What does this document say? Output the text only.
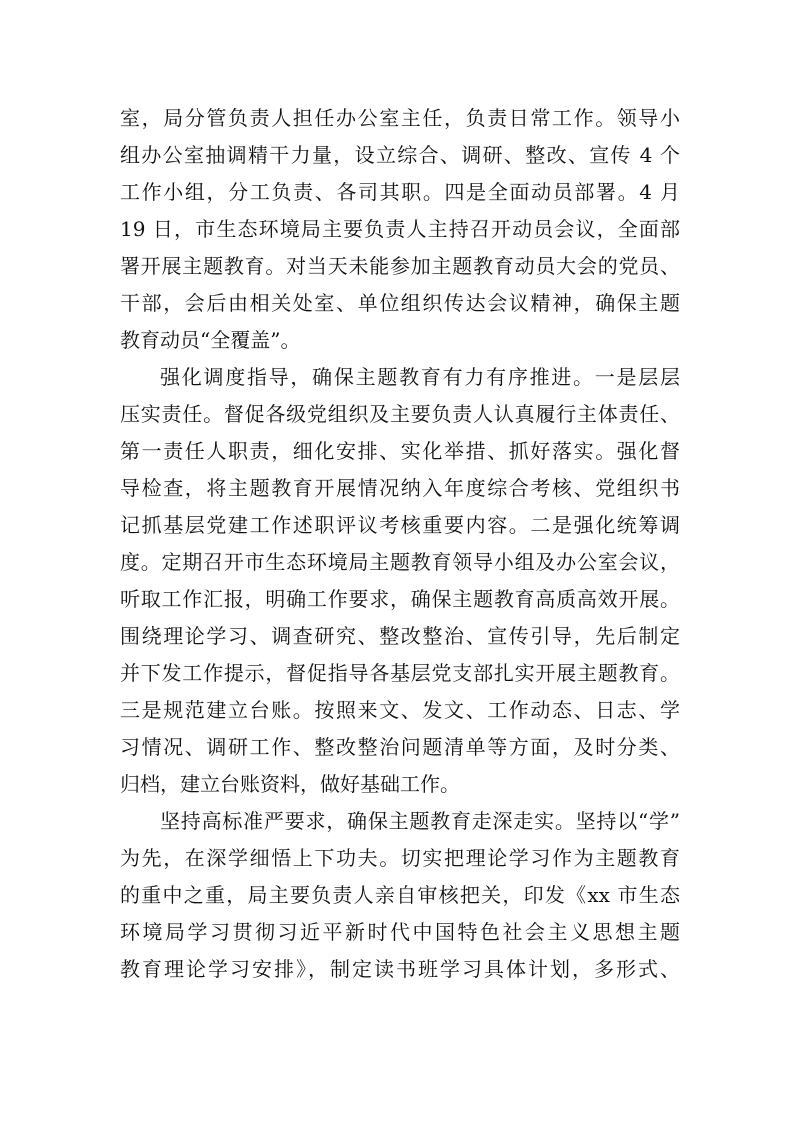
室，局分管负责人担任办公室主任，负责日常工作。领导小
组办公室抽调精干力量，设立综合、调研、整改、宣传 4 个
工作小组，分工负责、各司其职。四是全面动员部署。4 月
19 日，市生态环境局主要负责人主持召开动员会议，全面部
署开展主题教育。对当天未能参加主题教育动员大会的党员、
干部，会后由相关处室、单位组织传达会议精神，确保主题
教育动员“全覆盖”。
强化调度指导，确保主题教育有力有序推进。一是层层
压实责任。督促各级党组织及主要负责人认真履行主体责任、
第一责任人职责，细化安排、实化举措、抓好落实。强化督
导检查，将主题教育开展情况纳入年度综合考核、党组织书
记抓基层党建工作述职评议考核重要内容。二是强化统筹调
度。定期召开市生态环境局主题教育领导小组及办公室会议，
听取工作汇报，明确工作要求，确保主题教育高质高效开展。
围绕理论学习、调查研究、整改整治、宣传引导，先后制定
并下发工作提示，督促指导各基层党支部扎实开展主题教育。
三是规范建立台账。按照来文、发文、工作动态、日志、学
习情况、调研工作、整改整治问题清单等方面，及时分类、
归档，建立台账资料，做好基础工作。
坚持高标准严要求，确保主题教育走深走实。坚持以“学”
为先，在深学细悟上下功夫。切实把理论学习作为主题教育
的重中之重，局主要负责人亲自审核把关，印发《xx 市生态
环境局学习贯彻习近平新时代中国特色社会主义思想主题
教育理论学习安排》，制定读书班学习具体计划，多形式、
